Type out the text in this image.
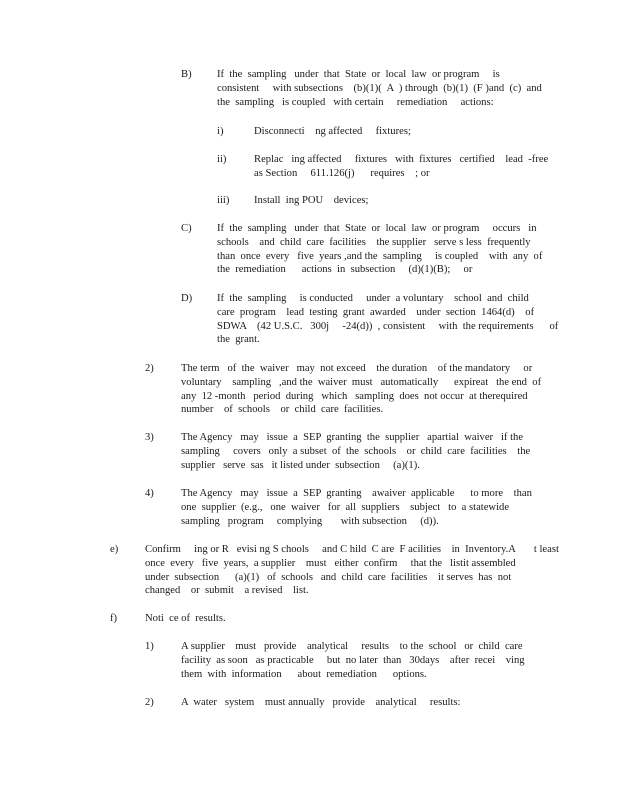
B) If  the  sampling   under  that  State  or  local  law  or program     is
consistent     with subsections    (b)(1)(  A  ) through  (b)(1)  (F )and  (c)  and
the  sampling   is coupled   with certain     remediation     actions:
i)	Disconnecti    ng affected     fixtures;
ii)	Replac   ing affected     fixtures   with  fixtures   certified    lead  -free
as Section     611.126(j)      requires    ; or
iii) Install  ing POU    devices;
C) If  the  sampling   under  that  State  or  local  law  or program     occurs   in
schools    and  child  care  facilities    the supplier   serve s less  frequently
than  once  every   five  years ,and the  sampling     is coupled    with  any  of
the  remediation      actions  in  subsection     (d)(1)(B);     or
D) If  the  sampling     is conducted     under  a voluntary    school  and  child
care  program    lead  testing  grant  awarded    under  section  1464(d)    of
SDWA    (42 U.S.C.   300j     -24(d))  , consistent     with  the requirements      of
the  grant.
2)	The term   of  the  waiver   may  not exceed    the duration    of the mandatory     or
voluntary    sampling   ,and the  waiver  must   automatically      expireat   the end  of
any  12 -month   period  during   which   sampling  does  not occur  at therequired
number    of  schools    or  child  care  facilities.
3)	The Agency   may   issue  a  SEP  granting  the  supplier   apartial  waiver   if the
sampling     covers   only  a subset  of  the  schools    or  child  care  facilities    the
supplier   serve  sas   it listed under  subsection     (a)(1).
4)	The Agency   may   issue  a  SEP  granting    awaiver  applicable      to more    than
one  supplier  (e.g.,   one  waiver   for  all  suppliers    subject   to  a statewide
sampling   program     complying       with subsection     (d)).
e)	Confirm     ing or R   evisi ng S chools     and C hild  C are  F acilities    in  Inventory.A       t least
once  every   five  years,  a supplier    must   either  confirm     that the   listit assembled
under  subsection      (a)(1)   of  schools   and  child  care  facilities    it serves  has  not
changed    or  submit    a revised    list.
f)	Noti  ce of  results.
1)	A supplier    must   provide    analytical     results    to the  school   or  child  care
facility  as soon   as practicable     but  no later  than   30days    after  recei    ving
them  with  information      about  remediation      options.
2)	A  water   system    must annually   provide    analytical     results:
